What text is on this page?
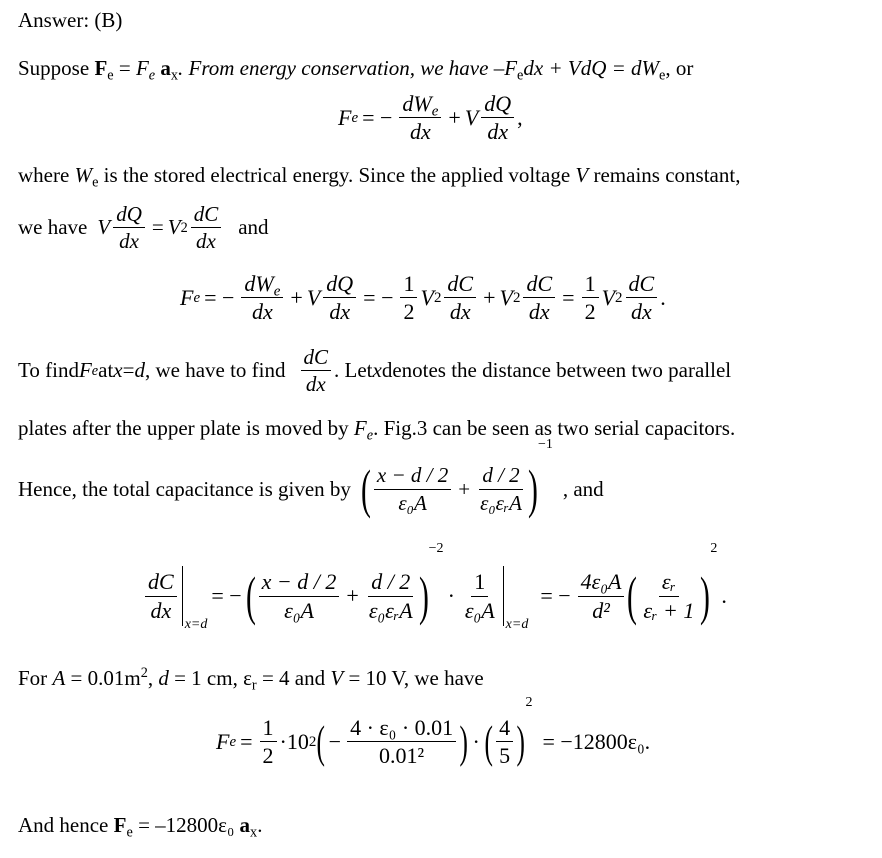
Answer: (B)
Suppose $F_e = F_e$ $a_x$. From energy conservation, we have $-F_edx$ + VdQ = $dW_e$, or
F e = − $\frac{dW_e}{dx} + V \frac{dQ}{dx}$ ,
where $W_e$ is the stored electrical energy. Since the applied voltage V remains constant,
we have V $\frac{dQ}{dx} = V$ $2 \frac{dC}{dx}$ and
F e = − $\frac{dW_e}{dx} + V \frac{dQ}{dx}$ = − $\frac{1}{2}$ V $2 \frac{dC}{dx} + V$ $2 \frac{dC}{dx} = \frac{1}{2}$ V $2 \frac{dC}{dx}$ .
To find F e at x = d , we have to find $\frac{dC}{dx}$ . Let x denotes the distance between two parallel
plates after the upper plate is moved by $F_e$. Fig.3 can be seen as two serial capacitors.
Hence, the total capacitance is given by ( $\frac{x - d / 2}{\text{ε₀A}} + \frac{d / 2}{\text{ε₀εᵣA}}$ )
−1
, and
$\frac{dC}{dx}$
x=d
= − ( $\frac{x - d / 2}{\text{ε₀A}} + \frac{d / 2}{\text{ε₀εᵣA}}$ )
−2
· $\frac{1}{\text{ε₀A}}$
x=d
= − $\frac{\text{4ε₀A}}{\text{d²}}$ ( $\frac{\text{εᵣ}}{\text{εᵣ + 1}}$ )
2
.
For $A = 0.01m^2$, d = 1 cm, $\varepsilon_r = 4$ and V = 10 V, we have
F $e = \frac{1}{2} \cdot 10$ 2 ( − $\frac{\text{4 · ε₀ · 0.01}}{\text{0.01²}}$ ) · ( $\frac{4}{5}$ )
2
= −12800ε₀.
And hence $F_e = -12800\varepsilon_0$ $a_x$.
